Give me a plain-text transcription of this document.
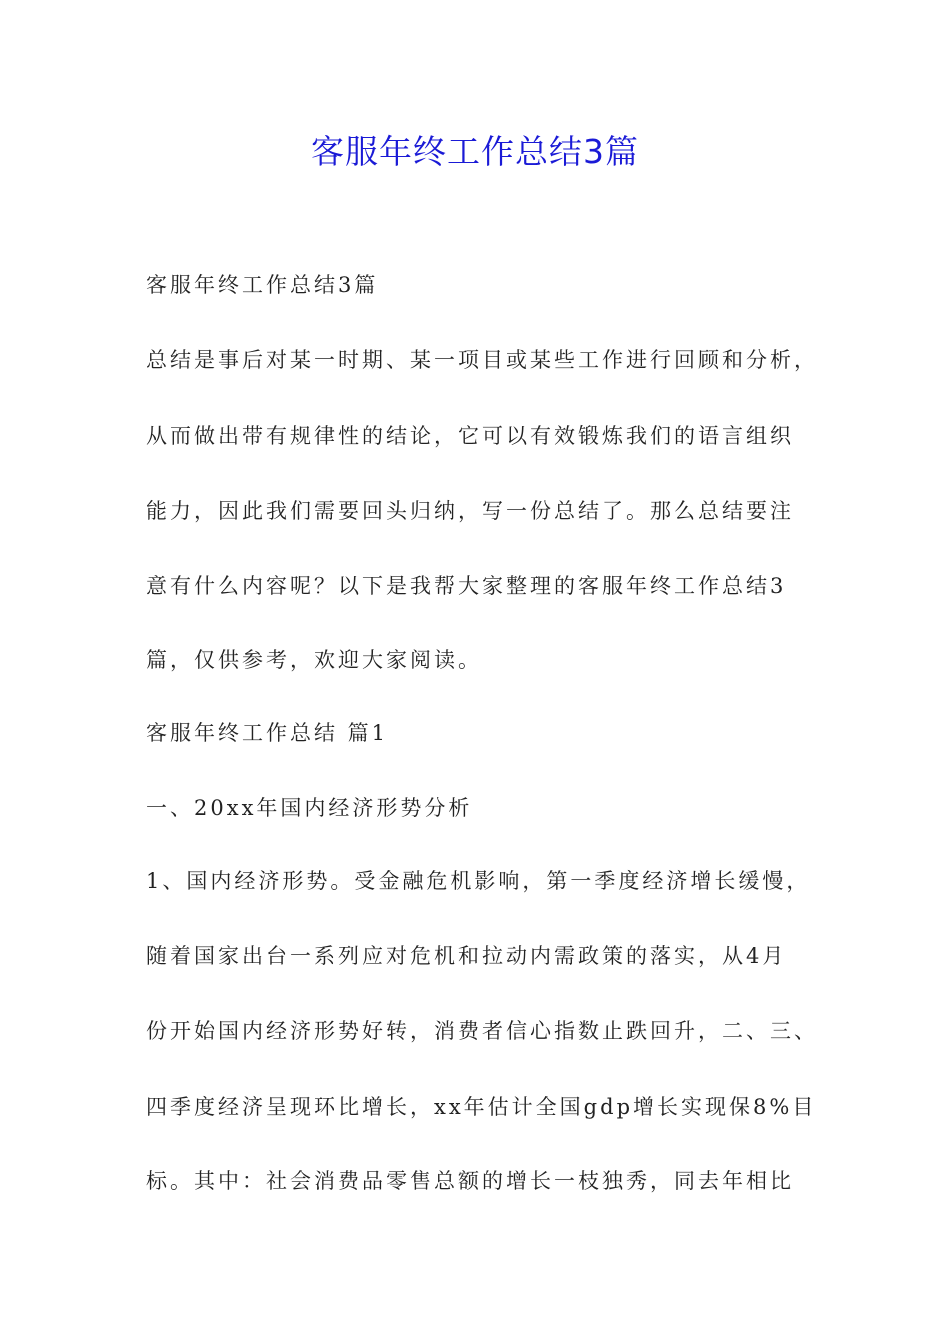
客服年终工作总结3篇
客服年终工作总结3篇
总结是事后对某一时期、某一项目或某些工作进行回顾和分析，
从而做出带有规律性的结论，它可以有效锻炼我们的语言组织
能力，因此我们需要回头归纳，写一份总结了。那么总结要注
意有什么内容呢？以下是我帮大家整理的客服年终工作总结3
篇，仅供参考，欢迎大家阅读。
客服年终工作总结 篇1
一、20xx年国内经济形势分析
1、国内经济形势。受金融危机影响，第一季度经济增长缓慢，
随着国家出台一系列应对危机和拉动内需政策的落实，从4月
份开始国内经济形势好转，消费者信心指数止跌回升，二、三、
四季度经济呈现环比增长，xx年估计全国gdp增长实现保8%目
标。其中：社会消费品零售总额的增长一枝独秀，同去年相比
